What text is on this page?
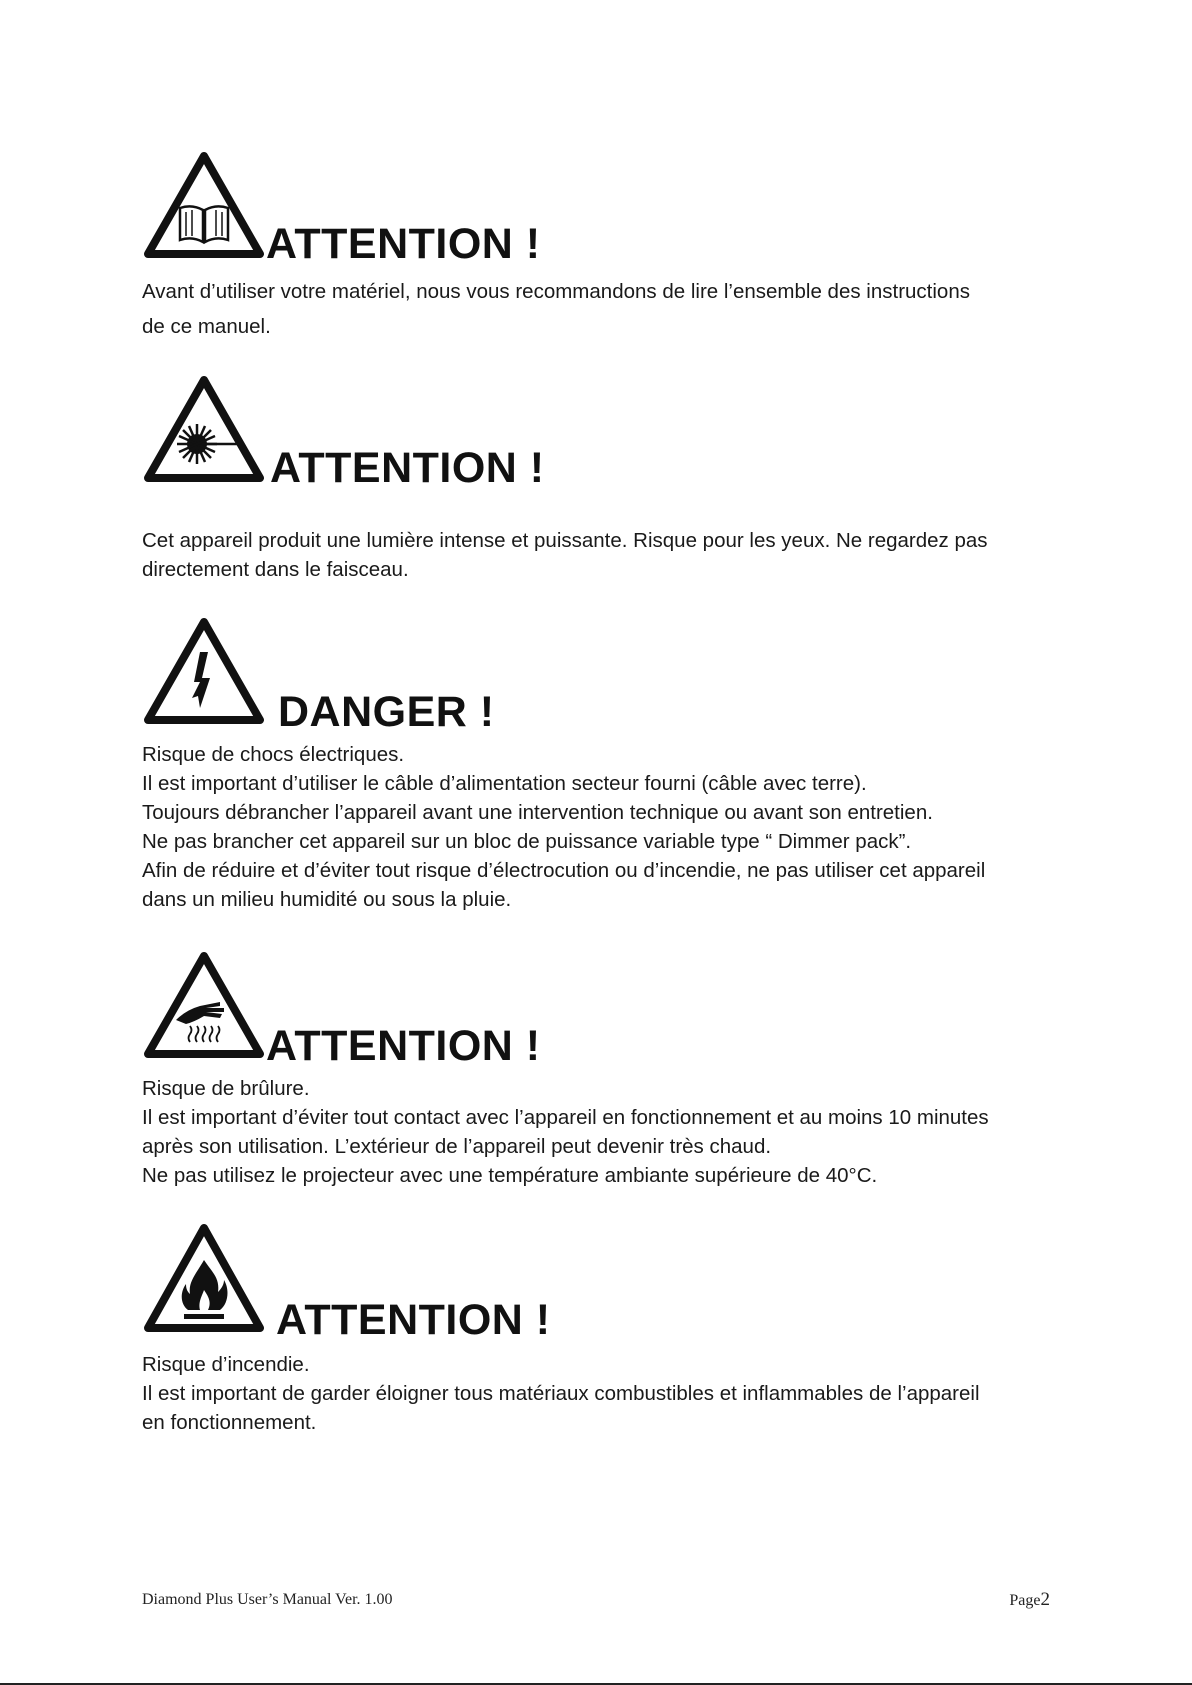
ATTENTION !

Avant d’utiliser votre matériel, nous vous recommandons de lire l’ensemble des instructions

de ce manuel.

ATTENTION !

Cet appareil produit une lumière intense et puissante. Risque pour les yeux. Ne regardez pas

directement dans le faisceau.

DANGER !

Risque de chocs électriques.

Il est important d’utiliser le câble d’alimentation secteur fourni (câble avec terre).

Toujours débrancher l’appareil avant une intervention technique ou avant son entretien.

Ne pas brancher cet appareil sur un bloc de puissance variable type “ Dimmer pack”.

Afin de réduire et d’éviter tout risque d’électrocution ou d’incendie, ne pas utiliser cet appareil

dans un milieu humidité ou sous la pluie.

ATTENTION !

Risque de brûlure.

Il est important d’éviter tout contact avec l’appareil en fonctionnement et au moins 10 minutes

après son utilisation. L’extérieur de l’appareil peut devenir très chaud.

Ne pas utilisez le projecteur avec une température ambiante supérieure de 40°C.

ATTENTION !

Risque d’incendie.

Il est important de garder éloigner tous matériaux combustibles et inflammables de l’appareil

en fonctionnement.

Diamond Plus User’s Manual Ver. 1.00	Page2
